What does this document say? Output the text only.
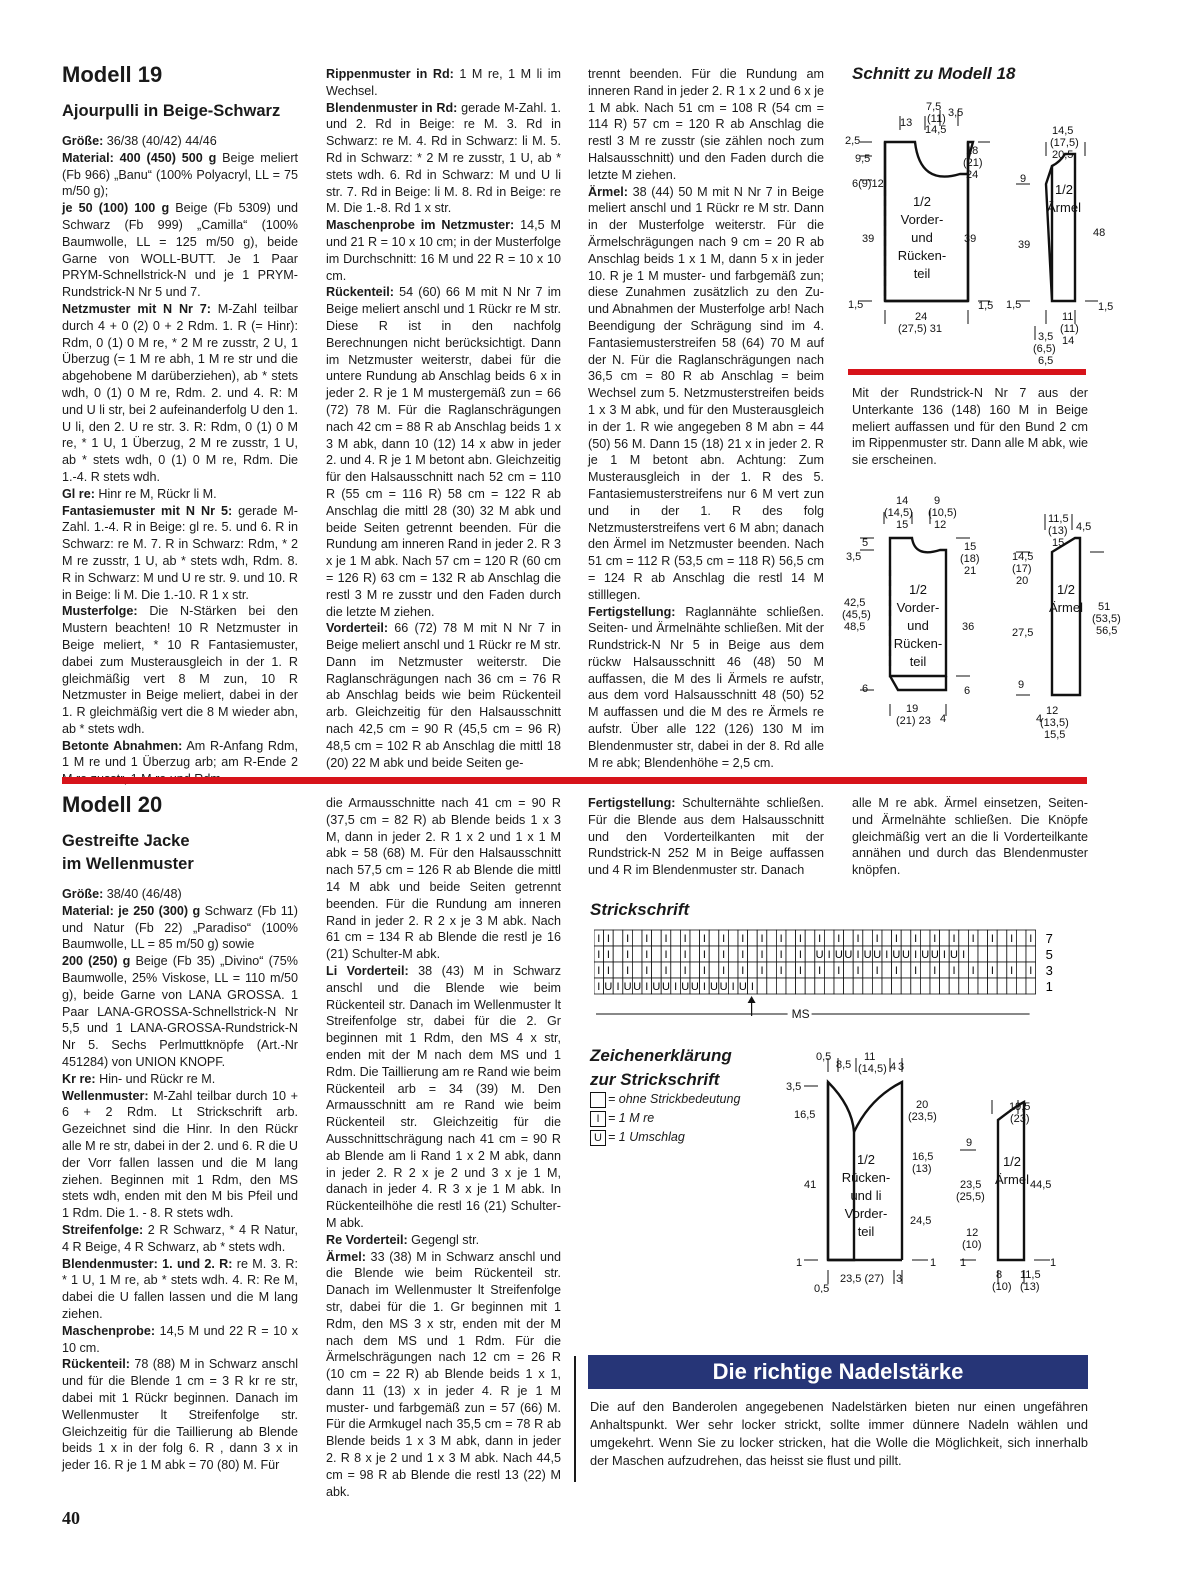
Modell 19
Ajourpulli in Beige-Schwarz

Größe: 36/38 (40/42) 44/46

Material: 400 (450) 500 g Beige meliert (Fb 966) „Banu“ (100% Polyacryl, LL = 75 m/50 g);

je 50 (100) 100 g Beige (Fb 5309) und Schwarz (Fb 999) „Camilla“ (100% Baumwolle, LL = 125 m/50 g), beide Garne von WOLL-BUTT. Je 1 Paar PRYM-Schnellstrick-N und je 1 PRYM-Rundstrick-N Nr 5 und 7.

Netzmuster mit N Nr 7: M-Zahl teilbar durch 4 + 0 (2) 0 + 2 Rdm. 1. R (= Hinr): Rdm, 0 (1) 0 M re, * 2 M re zusstr, 2 U, 1 Überzug (= 1 M re abh, 1 M re str und die abgehobene M darüberziehen), ab * stets wdh, 0 (1) 0 M re, Rdm. 2. und 4. R: M und U li str, bei 2 aufeinanderfolg U den 1. U li, den 2. U re str. 3. R: Rdm, 0 (1) 0 M re, * 1 U, 1 Überzug, 2 M re zusstr, 1 U, ab * stets wdh, 0 (1) 0 M re, Rdm. Die 1.-4. R stets wdh.

Gl re: Hinr re M, Rückr li M.

Fantasiemuster mit N Nr 5: gerade M-Zahl. 1.-4. R in Beige: gl re. 5. und 6. R in Schwarz: re M. 7. R in Schwarz: Rdm, * 2 M re zusstr, 1 U, ab * stets wdh, Rdm. 8. R in Schwarz: M und U re str. 9. und 10. R in Beige: li M. Die 1.-10. R 1 x str.

Musterfolge: Die N-Stärken bei den Mustern beachten! 10 R Netzmuster in Beige meliert, * 10 R Fantasiemuster, dabei zum Musterausgleich in der 1. R gleichmäßig vert 8 M zun, 10 R Netzmuster in Beige meliert, dabei in der 1. R gleichmäßig vert die 8 M wieder abn, ab * stets wdh.

Betonte Abnahmen: Am R-Anfang Rdm, 1 M re und 1 Überzug arb; am R-Ende 2

Rippenmuster in Rd: 1 M re, 1 M li im Wechsel.

Blendenmuster in Rd: gerade M-Zahl. 1. und 2. Rd in Beige: re M. 3. Rd in Schwarz: re M. 4. Rd in Schwarz: li M. 5. Rd in Schwarz: * 2 M re zusstr, 1 U, ab * stets wdh. 6. Rd in Schwarz: M und U li str. 7. Rd in Beige: li M. 8. Rd in Beige: re M. Die 1.-8. Rd 1 x str.

Maschenprobe im Netzmuster: 14,5 M und 21 R = 10 x 10 cm; in der Musterfolge im Durchschnitt: 16 M und 22 R = 10 x 10 cm.

Rückenteil: 54 (60) 66 M mit N Nr 7 im Beige meliert anschl und 1 Rückr re M str. Diese R ist in den nachfolg Berechnungen nicht berücksichtigt. Dann im Netzmuster weiterstr, dabei für die untere Rundung ab Anschlag beids 6 x in jeder 2. R je 1 M mustergemäß zun = 66 (72) 78 M. Für die Raglanschrägungen nach 42 cm = 88 R ab Anschlag beids 1 x 3 M abk, dann 10 (12) 14 x abw in jeder 2. und 4. R je 1 M betont abn. Gleichzeitig für den Halsausschnitt nach 52 cm = 110 R (55 cm = 116 R) 58 cm = 122 R ab Anschlag die mittl 28 (30) 32 M abk und beide Seiten getrennt beenden. Für die Rundung am inneren Rand in jeder 2. R 3 x je 1 M abk. Nach 57 cm = 120 R (60 cm = 126 R) 63 cm = 132 R ab Anschlag die restl 3 M re zusstr und den Faden durch die letzte M ziehen.

Vorderteil: 66 (72) 78 M mit N Nr 7 in Beige meliert anschl und 1 Rückr re M str. Dann im Netzmuster weiterstr. Die Raglanschrägungen nach 36 cm = 76 R ab Anschlag beids wie beim Rückenteil arb. Gleichzeitig für den Halsausschnitt nach 42,5 cm = 90 R (45,5 cm = 96 R) 48,5 cm = 102 R ab Anschlag die mittl 18 (20) 22 M abk und beide Seiten ge-

trennt beenden. Für die Rundung am inneren Rand in jeder 2. R 1 x 2 und 6 x je 1 M abk. Nach 51 cm = 108 R (54 cm = 114 R) 57 cm = 120 R ab Anschlag die restl 3 M re zusstr (sie zählen noch zum Halsausschnitt) und den Faden durch die letzte M ziehen.

Ärmel: 38 (44) 50 M mit N Nr 7 in Beige meliert anschl und 1 Rückr re M str. Dann in der Musterfolge weiterstr. Für die Ärmelschrägungen nach 9 cm = 20 R ab Anschlag beids 1 x 1 M, dann 5 x in jeder 10. R je 1 M muster- und farbgemäß zun; diese Zunahmen zusätzlich zu den Zu- und Abnahmen der Musterfolge arb! Nach Beendigung der Schrägung sind im 4. Fantasiemusterstreifen 58 (64) 70 M auf der N. Für die Raglanschrägungen nach 36,5 cm = 80 R ab Anschlag = beim Wechsel zum 5. Netzmusterstreifen beids 1 x 3 M abk, und für den Musterausgleich in der 1. R wie angegeben 8 M abn = 44 (50) 56 M. Dann 15 (18) 21 x in jeder 2. R je 1 M betont abn. Achtung: Zum Musterausgleich in der 1. R des 5. Fantasiemusterstreifens nur 6 M vert zun und in der 1. R des folg Netzmusterstreifens vert 6 M abn; danach den Ärmel im Netzmuster beenden. Nach 51 cm = 112 R (53,5 cm = 118 R) 56,5 cm = 124 R ab Anschlag die restl 14 M stilllegen.

Fertigstellung: Raglannähte schließen. Seiten- und Ärmelnähte schließen. Mit der Rundstrick-N Nr 5 in Beige aus dem rückw Halsausschnitt 46 (48) 50 M auffassen, die M des li Ärmels re aufstr, aus dem vord Halsausschnitt 48 (50) 52 M auffassen und die M des re Ärmels re aufstr. Über alle 122 (126) 130 M im Blendenmuster str, dabei in der 8. Rd alle M re abk; Blendenhöhe = 2,5 cm.

Schnitt zu Modell 18
2,5
9,5
6(9)12
39
1,5
13
7,5
(11)
14,5
3,5
18
(21)
24
39
1,5
24
(27,5) 31
1/2
Vorder-
und
Rücken-
teil
14,5
(17,5)
20,5
9
39
48
1,5	1,5
11
(11)
14
3,5
(6,5)
6,5
1/2
Ärmel
Mit der Rundstrick-N Nr 7 aus der Unterkante 136 (148) 160 M in Beige meliert auffassen und für den Bund 2 cm im Rippenmuster str. Dann alle M abk, wie sie erscheinen.
14
(14,5)
15
9
(10,5)
12
5
3,5
15
(18)
21
42,5
(45,5)
48,5	36
6	6
19
(21) 23 4
1/2
Vorder-
und
Rücken-
teil
11,5
(13)
15
4,5
14,5
(17)
20
27,5
51
(53,5)
56,5
9
12
(13,5)
15,5
4
1/2
Ärmel
Modell 20
Gestreifte Jacke
im Wellenmuster

Größe: 38/40 (46/48)

Material: je 250 (300) g Schwarz (Fb 11) und Natur (Fb 22) „Paradiso“ (100% Baumwolle, LL = 85 m/50 g) sowie

200 (250) g Beige (Fb 35) „Divino“ (75% Baumwolle, 25% Viskose, LL = 110 m/50 g), beide Garne von LANA GROSSA. 1 Paar LANA-GROSSA-Schnellstrick-N Nr 5,5 und 1 LANA-GROSSA-Rundstrick-N Nr 5. Sechs Perlmuttknöpfe (Art.-Nr 451284) von UNION KNOPF.

Kr re: Hin- und Rückr re M.

Wellenmuster: M-Zahl teilbar durch 10 + 6 + 2 Rdm. Lt Strickschrift arb. Gezeichnet sind die Hinr. In den Rückr alle M re str, dabei in der 2. und 6. R die U der Vorr fallen lassen und die M lang ziehen. Beginnen mit 1 Rdm, den MS stets wdh, enden mit den M bis Pfeil und 1 Rdm. Die 1. - 8. R stets wdh.

Streifenfolge: 2 R Schwarz, * 4 R Natur, 4 R Beige, 4 R Schwarz, ab * stets wdh.

Blendenmuster: 1. und 2. R: re M. 3. R: * 1 U, 1 M re, ab * stets wdh. 4. R: Re M, dabei die U fallen lassen und die M lang ziehen.

Maschenprobe: 14,5 M und 22 R = 10 x 10 cm.

Rückenteil: 78 (88) M in Schwarz anschl und für die Blende 1 cm = 3 R kr re str, dabei mit 1 Rückr beginnen. Danach im Wellenmuster lt Streifenfolge str. Gleichzeitig für die Taillierung ab Blende beids 1 x in der folg 6. R , dann 3 x in jeder 16. R je 1 M abk = 70 (80) M. Für

die Armausschnitte nach 41 cm = 90 R (37,5 cm = 82 R) ab Blende beids 1 x 3 M, dann in jeder 2. R 1 x 2 und 1 x 1 M abk = 58 (68) M. Für den Halsausschnitt nach 57,5 cm = 126 R ab Blende die mittl 14 M abk und beide Seiten getrennt beenden. Für die Rundung am inneren Rand in jeder 2. R 2 x je 3 M abk. Nach 61 cm = 134 R ab Blende die restl je 16 (21) Schulter-M abk.

Li Vorderteil: 38 (43) M in Schwarz anschl und die Blende wie beim Rückenteil str. Danach im Wellenmuster lt Streifenfolge str, dabei für die 2. Gr beginnen mit 1 Rdm, den MS 4 x str, enden mit der M nach dem MS und 1 Rdm. Die Taillierung am re Rand wie beim Rückenteil arb = 34 (39) M. Den Armausschnitt am re Rand wie beim Rückenteil str. Gleichzeitig für die Ausschnittschrägung nach 41 cm = 90 R ab Blende am li Rand 1 x 2 M abk, dann in jeder 2. R 2 x je 2 und 3 x je 1 M, danach in jeder 4. R 3 x je 1 M abk. In Rückenteilhöhe die restl 16 (21) Schulter-M abk.

Re Vorderteil: Gegengl str.

Ärmel: 33 (38) M in Schwarz anschl und die Blende wie beim Rückenteil str. Danach im Wellenmuster lt Streifenfolge str, dabei für die 1. Gr beginnen mit 1 Rdm, den MS 3 x str, enden mit der M nach dem MS und 1 Rdm. Für die Ärmelschrägungen nach 12 cm = 26 R (10 cm = 22 R) ab Blende beids 1 x 1, dann 11 (13) x in jeder 4. R je 1 M muster- und farbgemäß zun = 57 (66) M. Für die Armkugel nach 35,5 cm = 78 R ab Blende beids 1 x 3 M abk, dann in jeder 2. R 8 x je 2 und 1 x 3 M abk. Nach 44,5 cm = 98 R ab Blende die restl 13 (22) M abk.

Fertigstellung: Schulternähte schließen. Für die Blende aus dem Halsausschnitt und den Vorderteilkanten mit der Rundstrick-N 252 M in Beige auffassen und 4 R im Blendenmuster str. Danach

alle M re abk. Ärmel einsetzen, Seiten- und Ärmelnähte schließen. Die Knöpfe gleichmäßig vert an die li Vorderteilkante annähen und durch das Blendenmuster knöpfen.

Strickschrift
I I I I I I I I I I I I I I I I I I I I I I I I 7
I I I I I I I I I I I I U I U U I U U I U U I U U I U I	5
I I I I I I I I I I I I I I I I I I I I I I I I 3
I U I U U I U U I U U I U U I U I	1
MS
Zeichenerklärung
zur Strickschrift
= ohne Strickbedeutung
I = 1 M re
U = 1 Umschlag
0,5
8,5
11
(14,5) 4 3
3,5
16,5
20
(23,5)
16,5
(13)
41
24,5
1	1
0,5
23,5 (27) 3
1/2
Rücken-
und li
Vorder-
teil
19,5
(23)
9
23,5
(25,5)
44,5
12
(10)
1	1
8
(10)
11,5
(13)
1/2
Ärmel
Die richtige Nadelstärke
Die auf den Banderolen angegebenen Nadelstärken bieten nur einen ungefähren Anhaltspunkt. Wer sehr locker strickt, sollte immer dünnere Nadeln wählen und umgekehrt. Wenn Sie zu locker stricken, hat die Wolle die Möglichkeit, sich innerhalb der Maschen aufzudrehen, das heisst sie flust und pillt.
40
